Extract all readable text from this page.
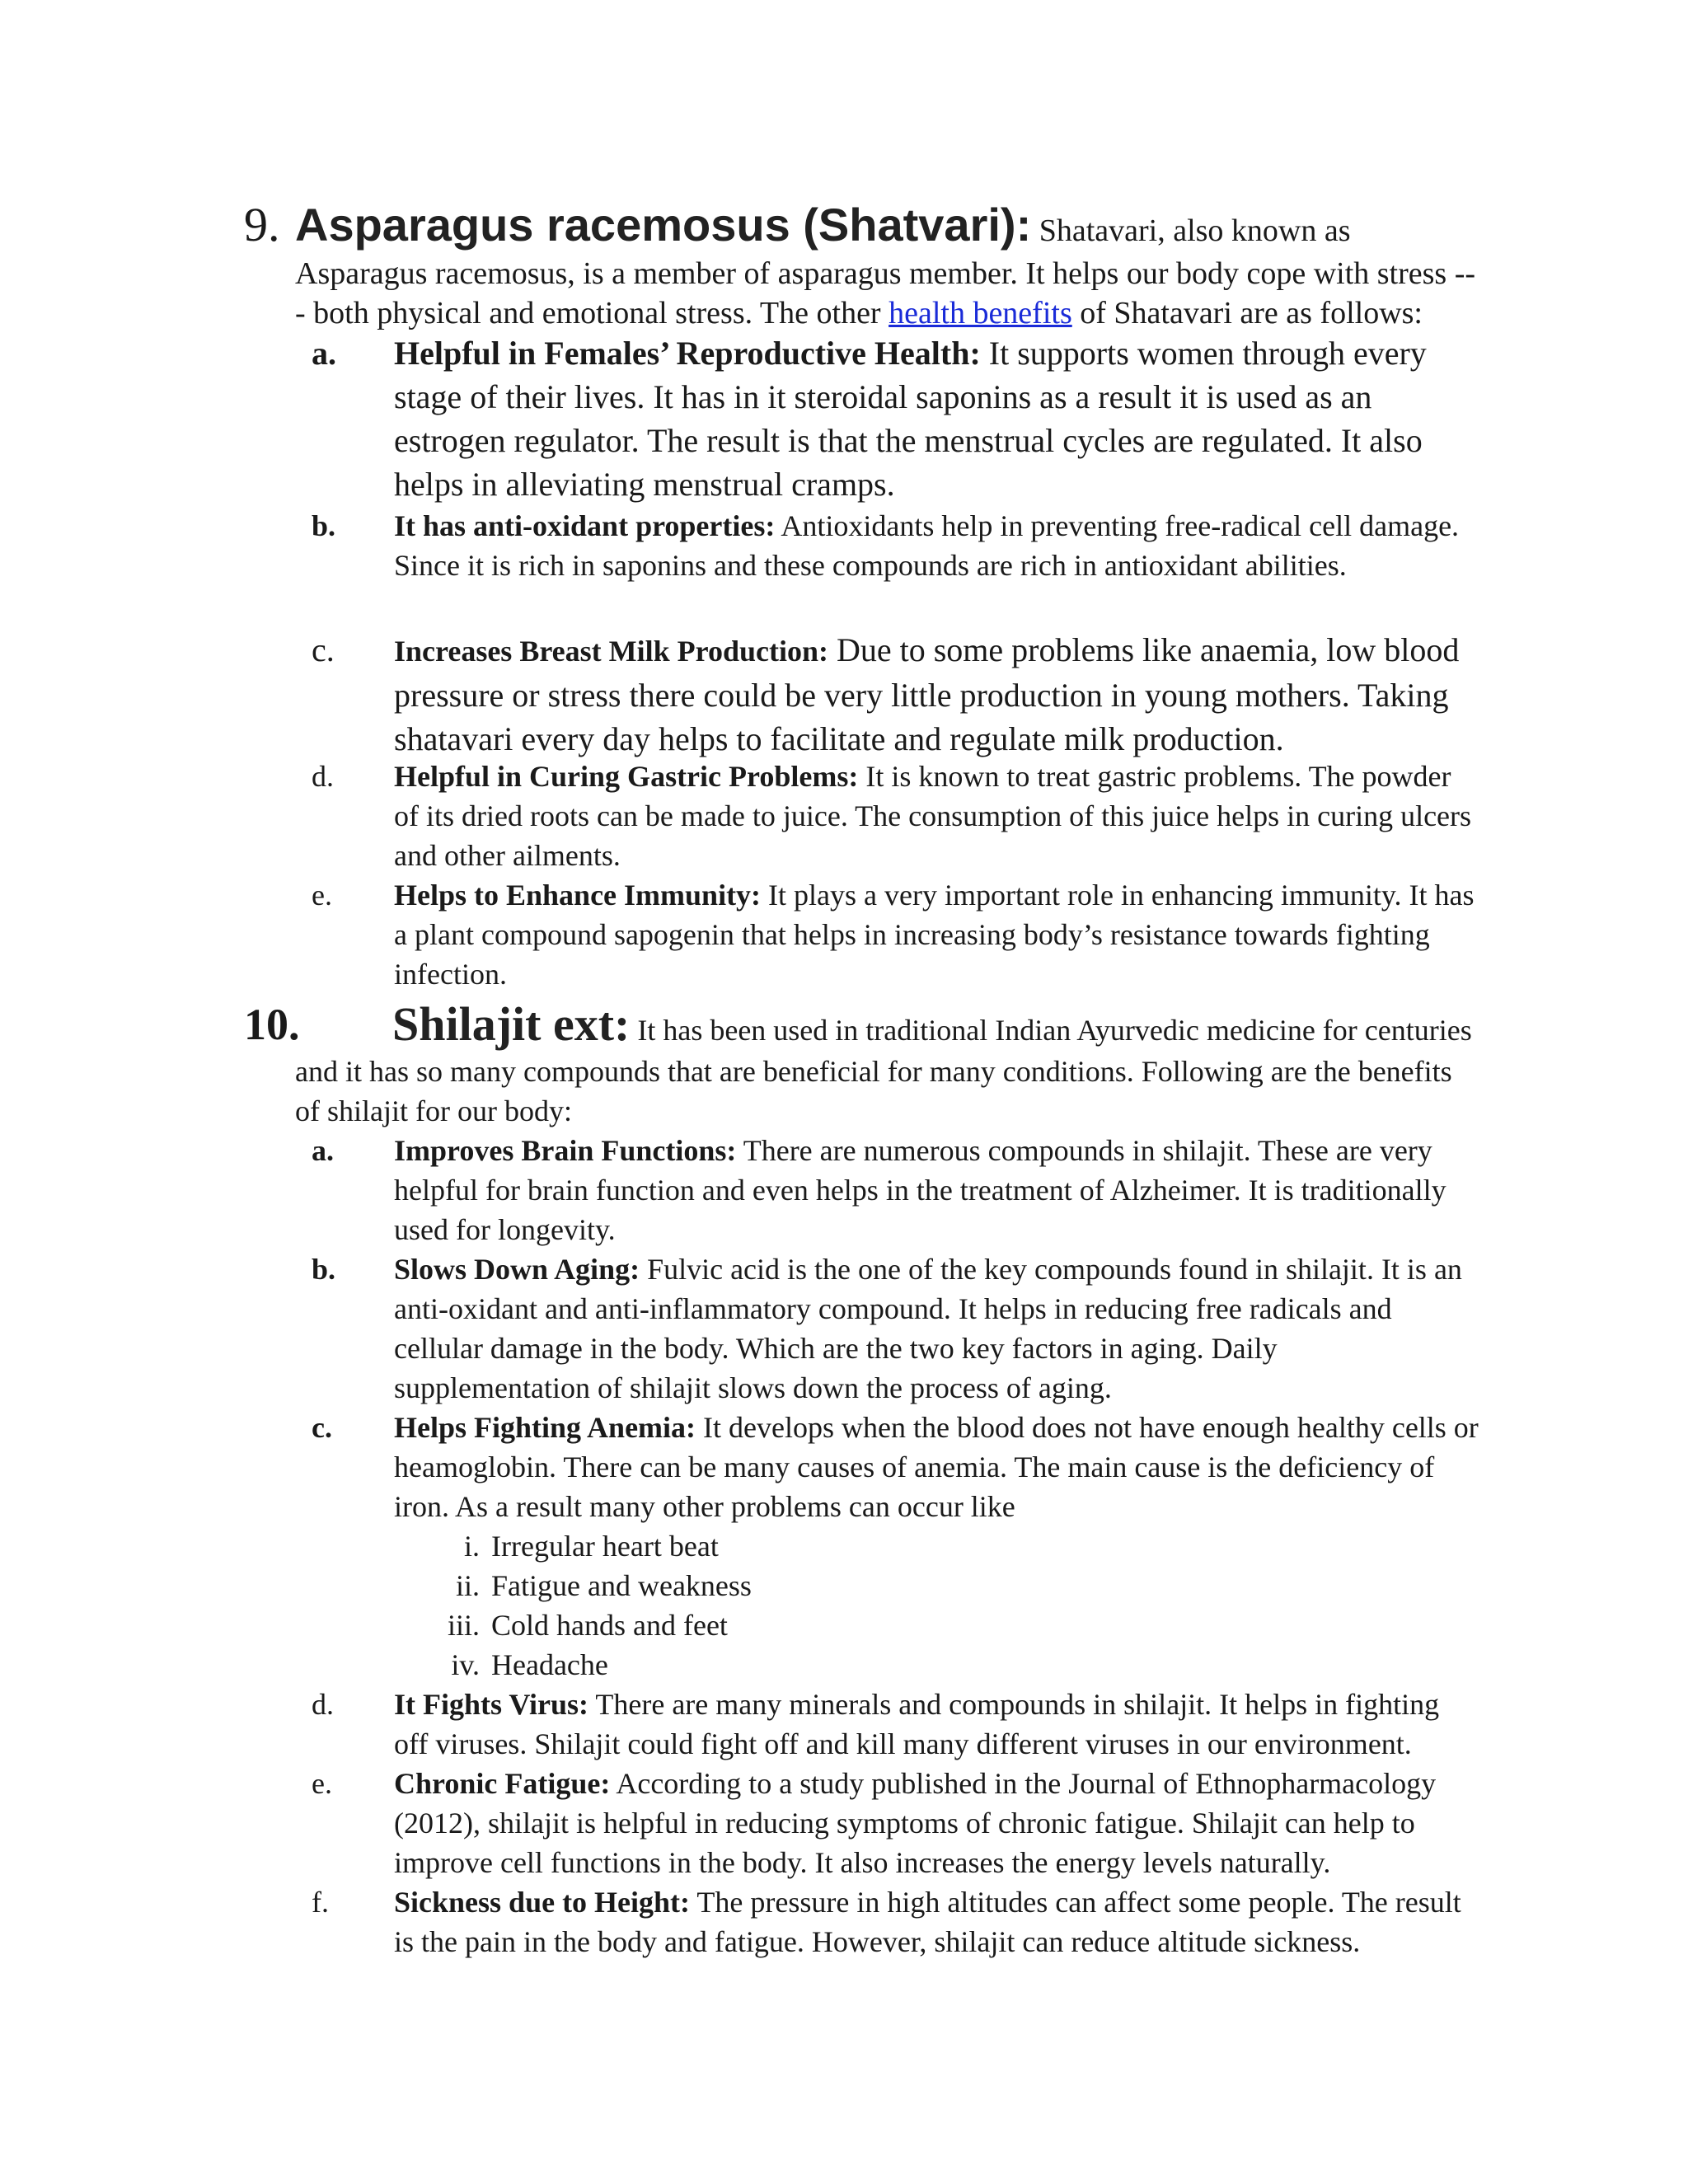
9. Asparagus racemosus (Shatvari): Shatavari, also known as Asparagus racemosus, is a member of asparagus member. It helps our body cope with stress --- both physical and emotional stress. The other health benefits of Shatavari are as follows:
a. Helpful in Females’ Reproductive Health: It supports women through every stage of their lives. It has in it steroidal saponins as a result it is used as an estrogen regulator. The result is that the menstrual cycles are regulated. It also helps in alleviating menstrual cramps.
b.	It has anti-oxidant properties: Antioxidants help in preventing free-radical cell damage. Since it is rich in saponins and these compounds are rich in antioxidant abilities.
c.	Increases Breast Milk Production: Due to some problems like anaemia, low blood pressure or stress there could be very little production in young mothers. Taking shatavari every day helps to facilitate and regulate milk production.
d.	Helpful in Curing Gastric Problems: It is known to treat gastric problems. The powder of its dried roots can be made to juice. The consumption of this juice helps in curing ulcers and other ailments.
e.	Helps to Enhance Immunity: It plays a very important role in enhancing immunity. It has a plant compound sapogenin that helps in increasing body’s resistance towards fighting infection.
10.	Shilajit ext: It has been used in traditional Indian Ayurvedic medicine for centuries and it has so many compounds that are beneficial for many conditions. Following are the benefits of shilajit for our body:
a.	Improves Brain Functions: There are numerous compounds in shilajit. These are very helpful for brain function and even helps in the treatment of Alzheimer. It is traditionally used for longevity.
b.	Slows Down Aging: Fulvic acid is the one of the key compounds found in shilajit. It is an anti-oxidant and anti-inflammatory compound. It helps in reducing free radicals and cellular damage in the body. Which are the two key factors in aging. Daily supplementation of shilajit slows down the process of aging.
c.	Helps Fighting Anemia: It develops when the blood does not have enough healthy cells or heamoglobin. There can be many causes of anemia. The main cause is the deficiency of iron. As a result many other problems can occur like
i. Irregular heart beat
ii. Fatigue and weakness
iii. Cold hands and feet
iv. Headache
d.	It Fights Virus: There are many minerals and compounds in shilajit. It helps in fighting off viruses. Shilajit could fight off and kill many different viruses in our environment.
e.	Chronic Fatigue: According to a study published in the Journal of Ethnopharmacology (2012), shilajit is helpful in reducing symptoms of chronic fatigue. Shilajit can help to improve cell functions in the body. It also increases the energy levels naturally.
f.	Sickness due to Height: The pressure in high altitudes can affect some people. The result is the pain in the body and fatigue. However, shilajit can reduce altitude sickness.
